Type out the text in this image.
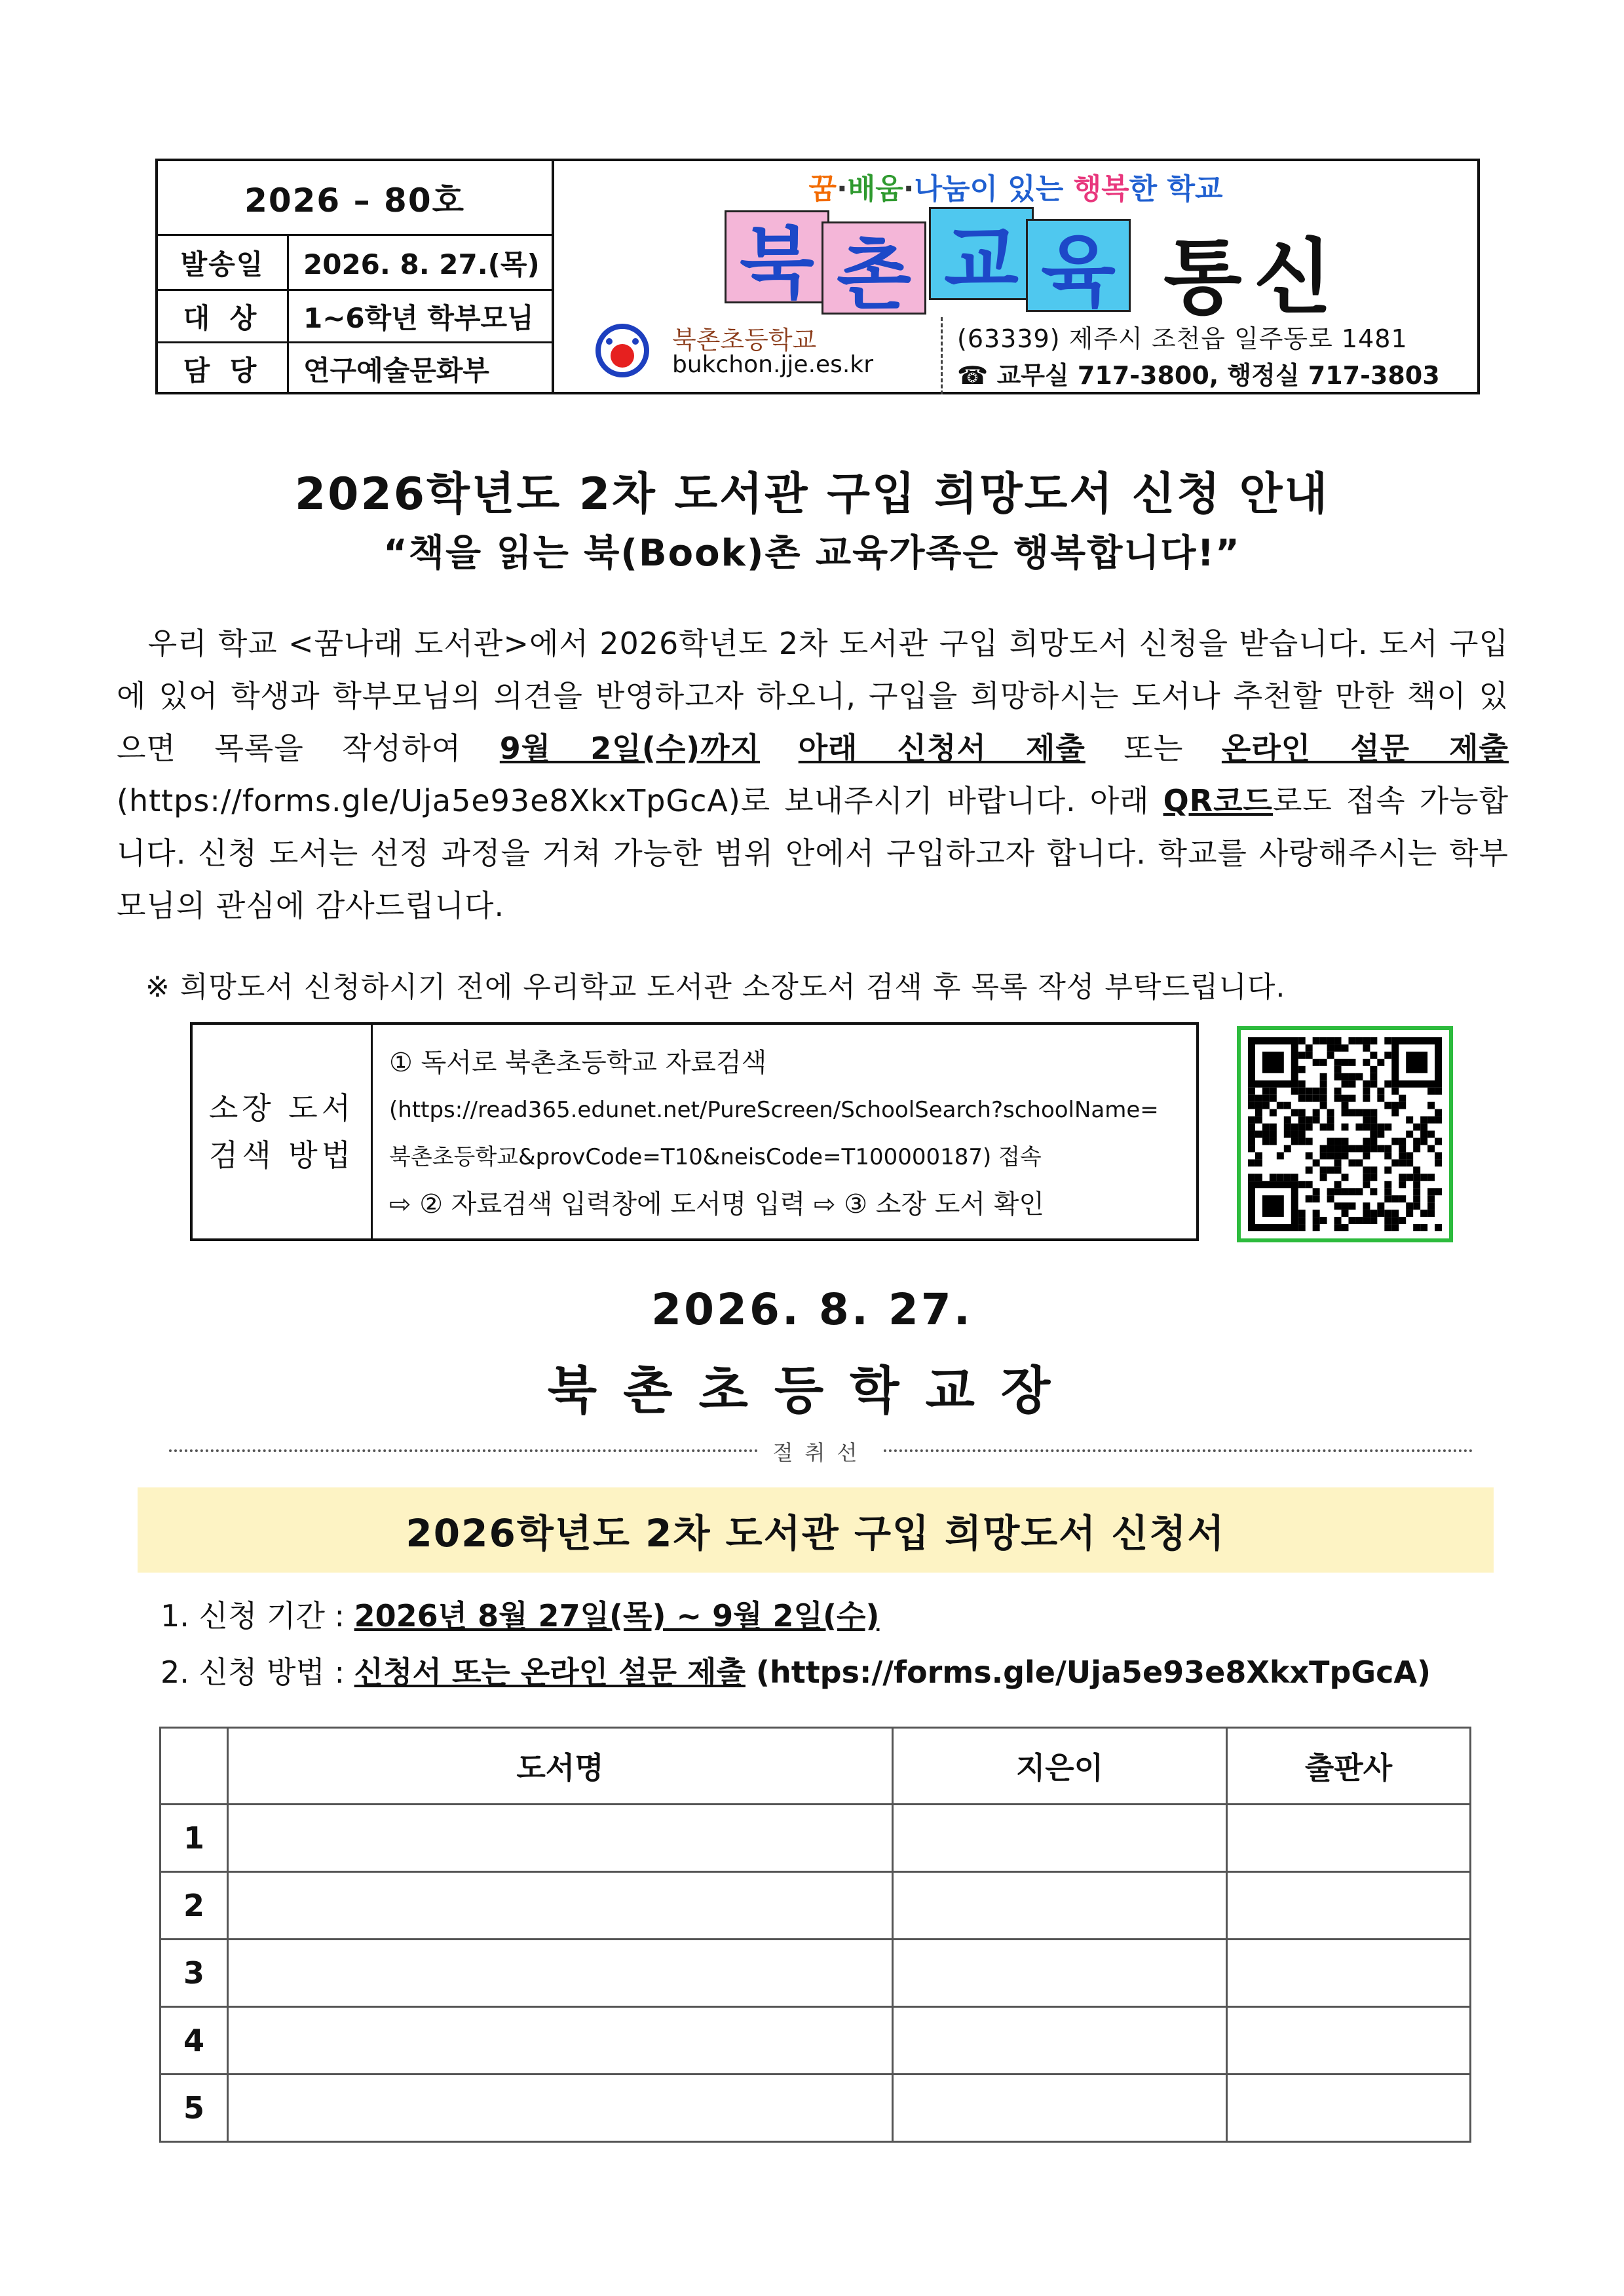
2026 – 80호
발송일	2026. 8. 27.(목)
대 상	1~6학년 학부모님
담 당	연구예술문화부
꿈·배움·나눔이 있는 행복한 학교
북 촌 교 육 통신
북촌초등학교
bukchon.jje.es.kr
(63339) 제주시 조천읍 일주동로 1481
☎ 교무실 717-3800, 행정실 717-3803
2026학년도 2차 도서관 구입 희망도서 신청 안내
“책을 읽는 북(Book)촌 교육가족은 행복합니다!”
　우리 학교 <꿈나래 도서관>에서 2026학년도 2차 도서관 구입 희망도서 신청을 받습니다. 도서 구입에 있어 학생과 학부모님의 의견을 반영하고자 하오니, 구입을 희망하시는 도서나 추천할 만한 책이 있으면 목록을 작성하여 9월 2일(수)까지 아래 신청서 제출 또는 온라인 설문 제출(https://forms.gle/Uja5e93e8XkxTpGcA)로 보내주시기 바랍니다. 아래 QR코드로도 접속 가능합니다. 신청 도서는 선정 과정을 거쳐 가능한 범위 안에서 구입하고자 합니다. 학교를 사랑해주시는 학부모님의 관심에 감사드립니다.
※ 희망도서 신청하시기 전에 우리학교 도서관 소장도서 검색 후 목록 작성 부탁드립니다.
소장 도서
검색 방법
① 독서로 북촌초등학교 자료검색
(https://read365.edunet.net/PureScreen/SchoolSearch?schoolName=
북촌초등학교&provCode=T10&neisCode=T100000187) 접속
⇨ ② 자료검색 입력창에 도서명 입력 ⇨ ③ 소장 도서 확인
2026. 8. 27.
북촌초등학교장
절취선
2026학년도 2차 도서관 구입 희망도서 신청서
1. 신청 기간 : 2026년 8월 27일(목) ~ 9월 2일(수)
2. 신청 방법 : 신청서 또는 온라인 설문 제출 (https://forms.gle/Uja5e93e8XkxTpGcA)
	도서명	지은이	출판사
1			
2			
3			
4			
5			
